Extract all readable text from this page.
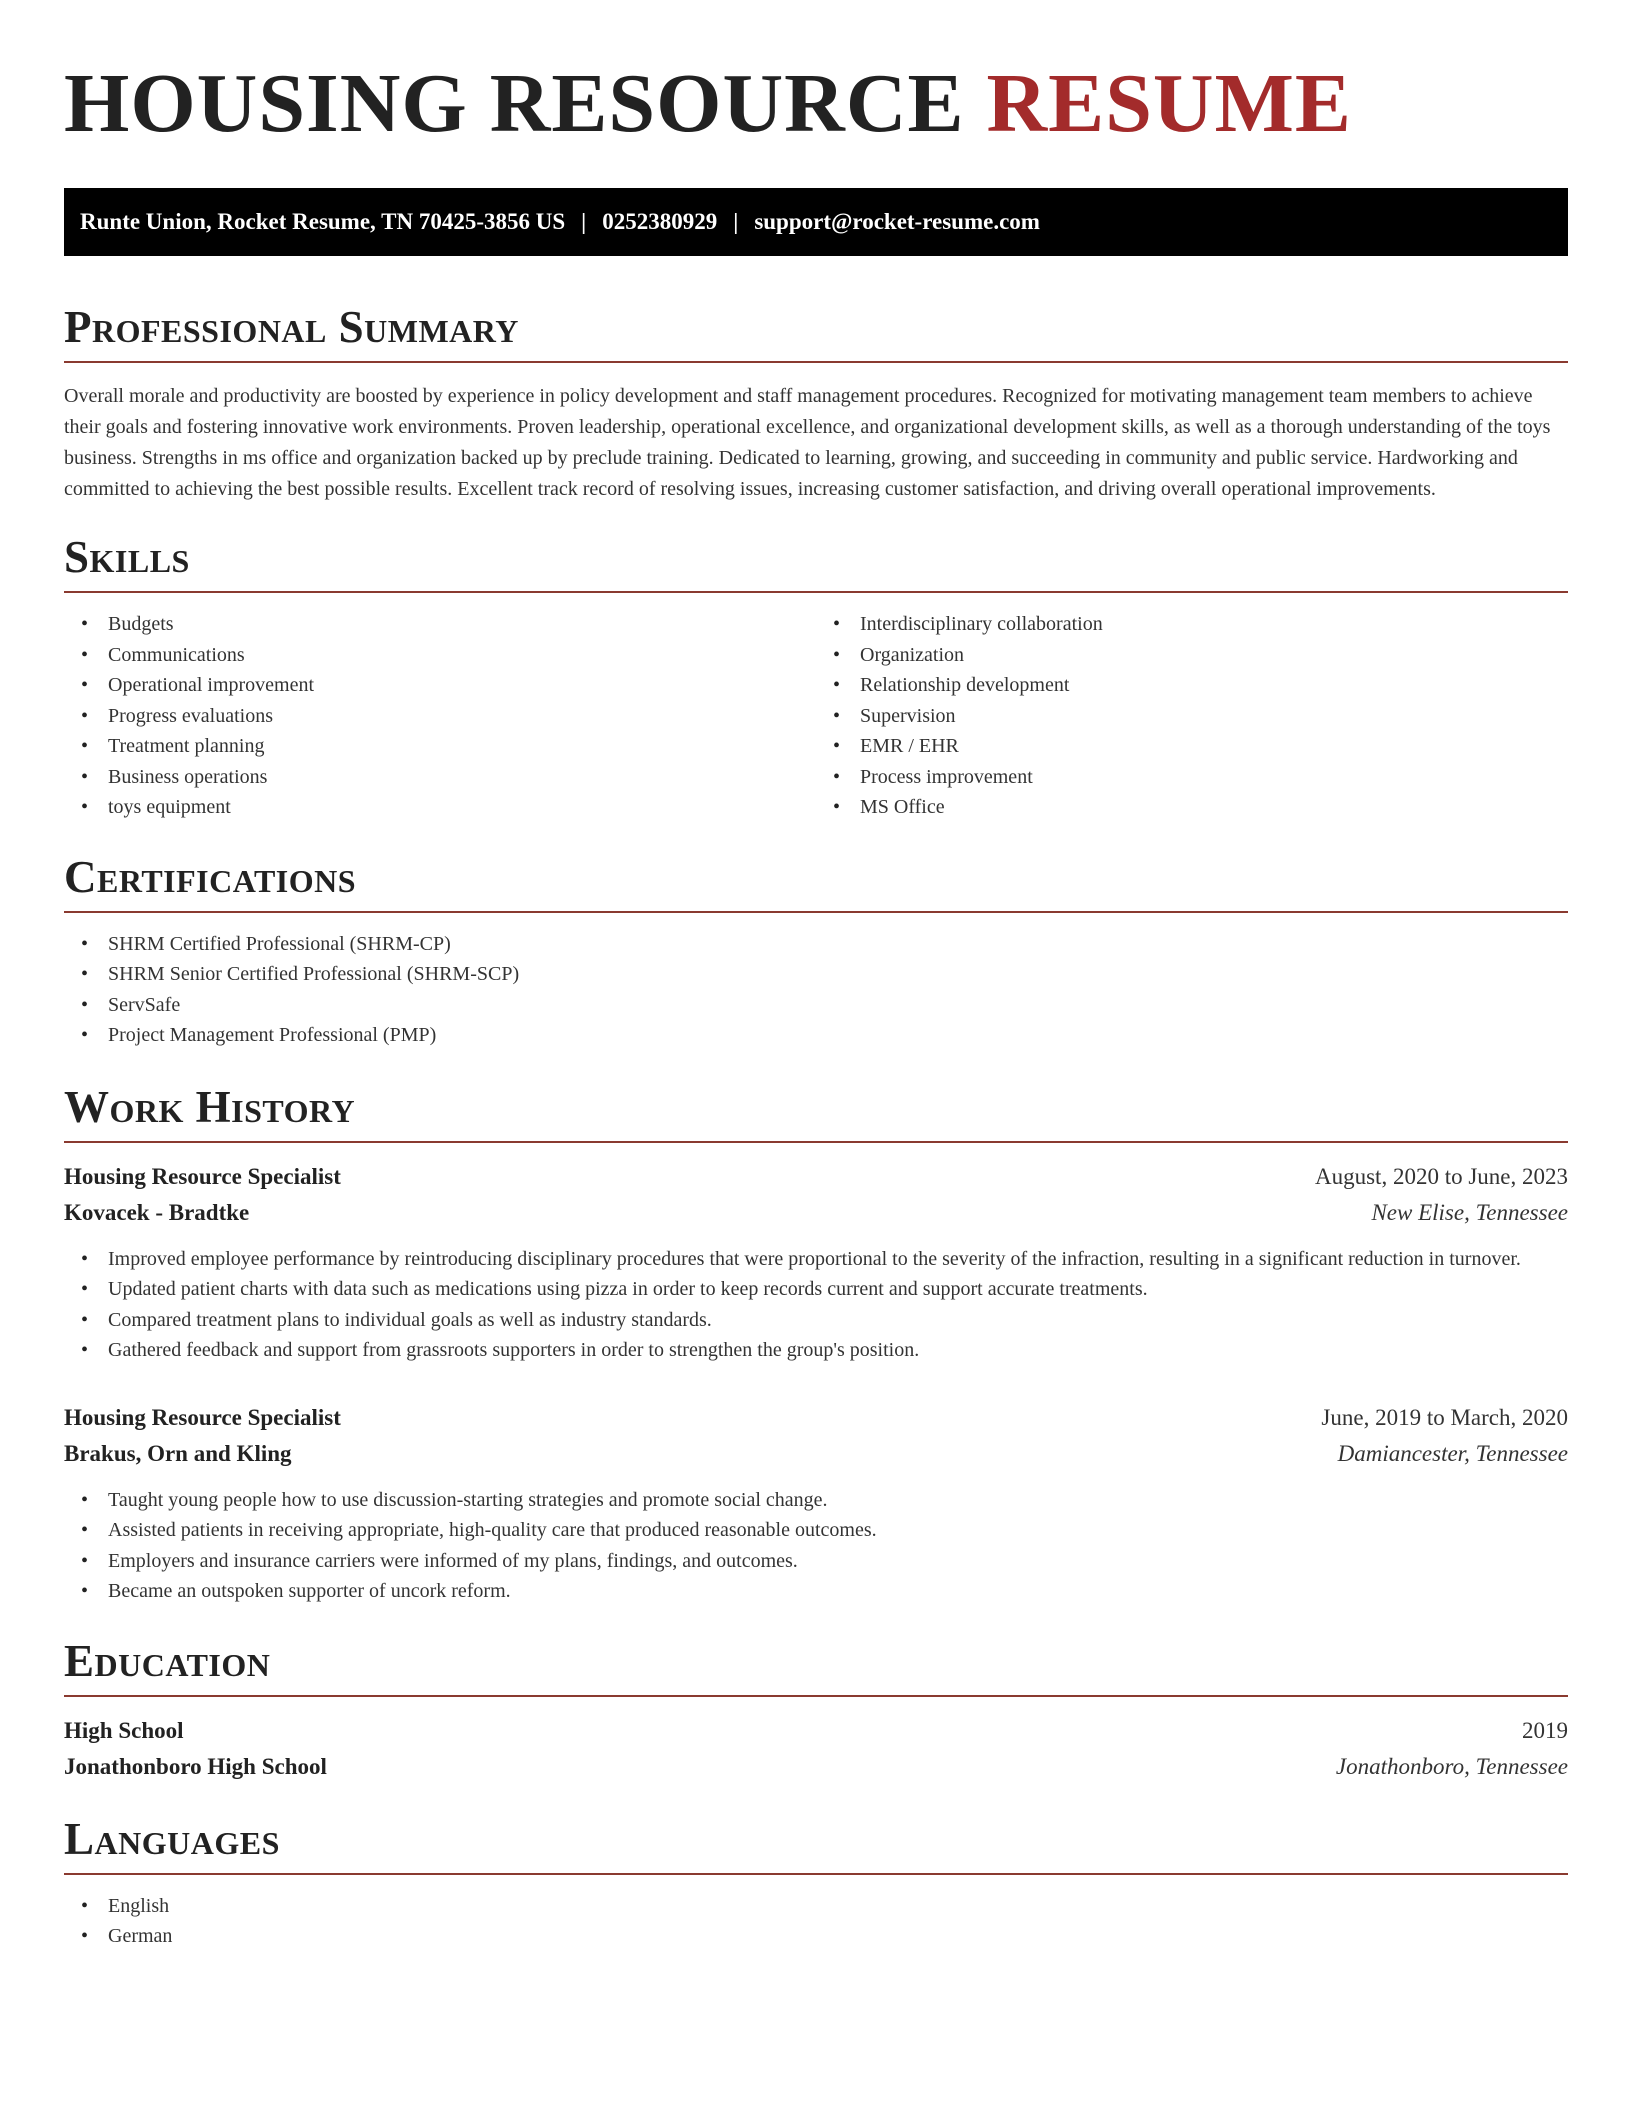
HOUSING RESOURCE RESUME
Runte Union, Rocket Resume, TN 70425-3856 US | 0252380929 | support@rocket-resume.com
Professional Summary

Overall morale and productivity are boosted by experience in policy development and staff management procedures. Recognized for motivating management team members to achieve their goals and fostering innovative work environments. Proven leadership, operational excellence, and organizational development skills, as well as a thorough understanding of the toys business. Strengths in ms office and organization backed up by preclude training. Dedicated to learning, growing, and succeeding in community and public service. Hardworking and committed to achieving the best possible results. Excellent track record of resolving issues, increasing customer satisfaction, and driving overall operational improvements.

Skills
• Budgets
• Communications
• Operational improvement
• Progress evaluations
• Treatment planning
• Business operations
• toys equipment
• Interdisciplinary collaboration
• Organization
• Relationship development
• Supervision
• EMR / EHR
• Process improvement
• MS Office
Certifications
• SHRM Certified Professional (SHRM-CP)
• SHRM Senior Certified Professional (SHRM-SCP)
• ServSafe
• Project Management Professional (PMP)
Work History
Housing Resource Specialist	August, 2020 to June, 2023
Kovacek - Bradtke	New Elise, Tennessee
• Improved employee performance by reintroducing disciplinary procedures that were proportional to the severity of the infraction, resulting in a significant reduction in turnover.
• Updated patient charts with data such as medications using pizza in order to keep records current and support accurate treatments.
• Compared treatment plans to individual goals as well as industry standards.
• Gathered feedback and support from grassroots supporters in order to strengthen the group's position.
Housing Resource Specialist	June, 2019 to March, 2020
Brakus, Orn and Kling	Damiancester, Tennessee
• Taught young people how to use discussion-starting strategies and promote social change.
• Assisted patients in receiving appropriate, high-quality care that produced reasonable outcomes.
• Employers and insurance carriers were informed of my plans, findings, and outcomes.
• Became an outspoken supporter of uncork reform.
Education
High School	2019
Jonathonboro High School	Jonathonboro, Tennessee
Languages
• English
• German
